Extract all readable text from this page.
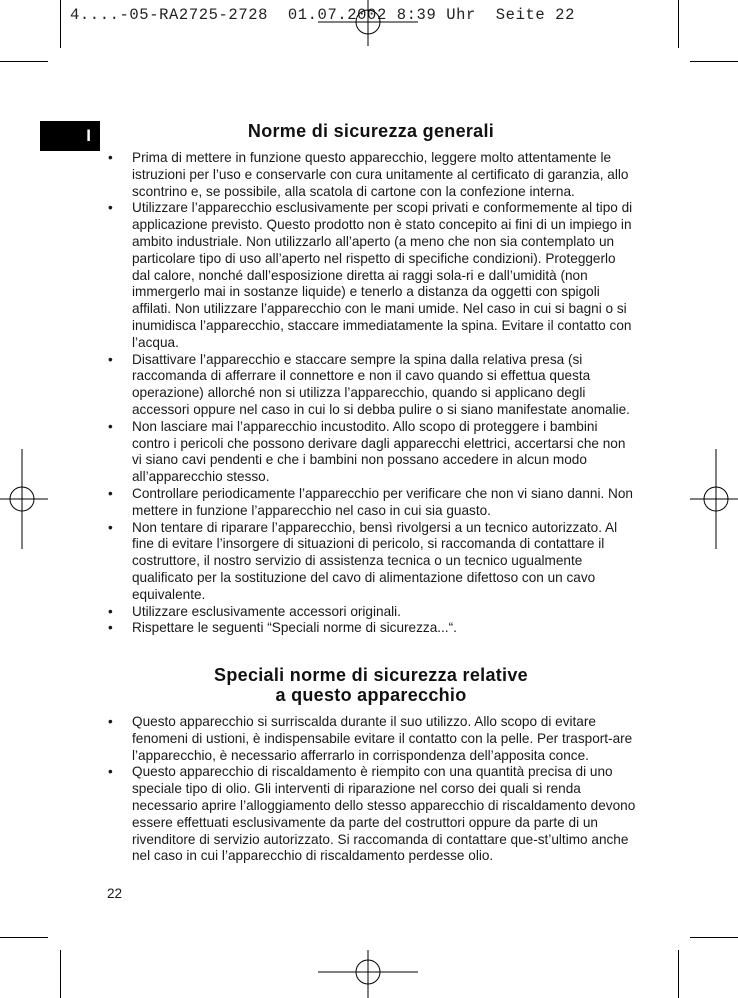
4....-05-RA2725-2728  01.07.2002 8:39 Uhr  Seite 22
I	Norme di sicurezza generali
• Prima di mettere in funzione questo apparecchio, leggere molto attentamente le istruzioni per l’uso e conservarle con cura unitamente al certificato di garanzia, allo scontrino e, se possibile, alla scatola di cartone con la confezione interna.
• Utilizzare l’apparecchio esclusivamente per scopi privati e conformemente al tipo di applicazione previsto. Questo prodotto non è stato concepito ai fini di un impiego in ambito industriale. Non utilizzarlo all’aperto (a meno che non sia contemplato un particolare tipo di uso all’aperto nel rispetto di specifiche condizioni). Proteggerlo dal calore, nonché dall’esposizione diretta ai raggi sola-ri e dall’umidità (non immergerlo mai in sostanze liquide) e tenerlo a distanza da oggetti con spigoli affilati. Non utilizzare l’apparecchio con le mani umide. Nel caso in cui si bagni o si inumidisca l’apparecchio, staccare immediatamente la spina. Evitare il contatto con l’acqua.
• Disattivare l’apparecchio e staccare sempre la spina dalla relativa presa (si raccomanda di afferrare il connettore e non il cavo quando si effettua questa operazione) allorché non si utilizza l’apparecchio, quando si applicano degli accessori oppure nel caso in cui lo si debba pulire o si siano manifestate anomalie.
• Non lasciare mai l’apparecchio incustodito. Allo scopo di proteggere i bambini contro i pericoli che possono derivare dagli apparecchi elettrici, accertarsi che non vi siano cavi pendenti e che i bambini non possano accedere in alcun modo all’apparecchio stesso.
• Controllare periodicamente l’apparecchio per verificare che non vi siano danni. Non mettere in funzione l’apparecchio nel caso in cui sia guasto.
• Non tentare di riparare l’apparecchio, bensì rivolgersi a un tecnico autorizzato. Al fine di evitare l’insorgere di situazioni di pericolo, si raccomanda di contattare il costruttore, il nostro servizio di assistenza tecnica o un tecnico ugualmente qualificato per la sostituzione del cavo di alimentazione difettoso con un cavo equivalente.
• Utilizzare esclusivamente accessori originali.
• Rispettare le seguenti “Speciali norme di sicurezza...“.
Speciali norme di sicurezza relative
a questo apparecchio
• Questo apparecchio si surriscalda durante il suo utilizzo. Allo scopo di evitare fenomeni di ustioni, è indispensabile evitare il contatto con la pelle. Per trasport-are l’apparecchio, è necessario afferrarlo in corrispondenza dell’apposita conce.
• Questo apparecchio di riscaldamento è riempito con una quantità precisa di uno speciale tipo di olio. Gli interventi di riparazione nel corso dei quali si renda necessario aprire l’alloggiamento dello stesso apparecchio di riscaldamento devono essere effettuati esclusivamente da parte del costruttori oppure da parte di un rivenditore di servizio autorizzato. Si raccomanda di contattare que-st’ultimo anche nel caso in cui l’apparecchio di riscaldamento perdesse olio.
22
